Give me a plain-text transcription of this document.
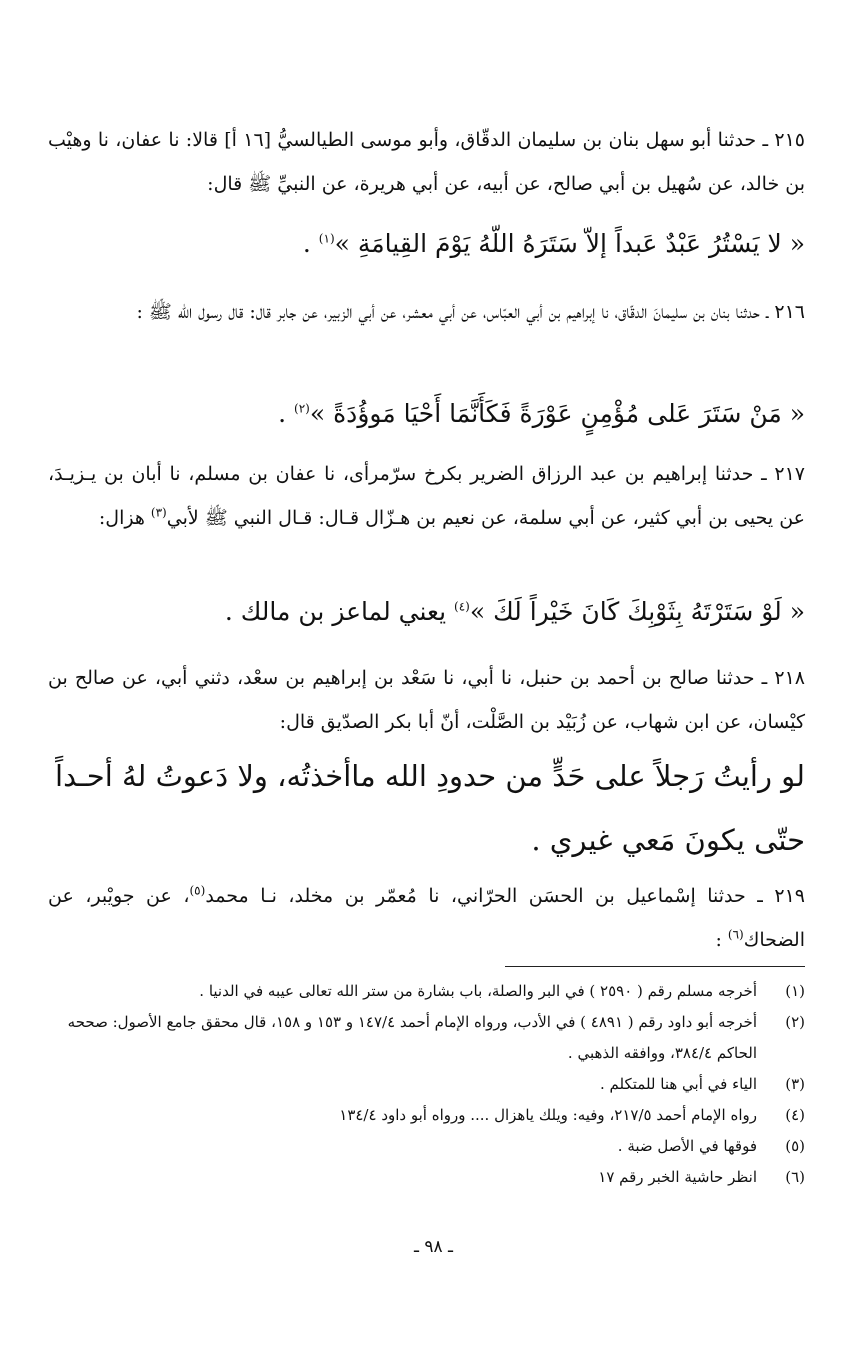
٢١٥ ـ حدثنا أبو سهل بنان بن سليمان الدقّاق، وأبو موسى الطيالسيُّ [١٦ أ] قالا: نا عفان، نا وهيْب بن خالد، عن سُهيل بن أبي صالح، عن أبيه، عن أبي هريرة، عن النبيِّ ﷺ قال:
« لا يَسْتُرُ عَبْدٌ عَبداً إلاّ سَتَرَهُ اللّهُ يَوْمَ القِيامَةِ »$^{(١)}$ .
٢١٦ ـ حدثنا بنان بن سليمانَ الدقّاق، نا إبراهيم بن أبي العبّاس، عن أبي معشر، عن أبي الزبير، عن جابر قال: قال رسول الله ﷺ :
« مَنْ سَتَرَ عَلى مُؤْمِنٍ عَوْرَةً فَكَأَنَّمَا أَحْيَا مَوؤُدَةً »$^{(٢)}$ .
٢١٧ ـ حدثنا إبراهيم بن عبد الرزاق الضرير بكرخ سرّمرأى، نا عفان بن مسلم، نا أبان بن يـزيـدَ، عن يحيى بن أبي كثير، عن أبي سلمة، عن نعيم بن هـزّال قـال: قـال النبي ﷺ لأبي$^{(٣)}$ هزال:
« لَوْ سَتَرْتَهُ بِثَوْبِكَ كَانَ خَيْراً لَكَ »$^{(٤)}$ يعني لماعز بن مالك .
٢١٨ ـ حدثنا صالح بن أحمد بن حنبل، نا أبي، نا سَعْد بن إبراهيم بن سعْد، دثني أبي، عن صالح بن كيْسان، عن ابن شهاب، عن زُبَيْد بن الصَّلْت، أنّ أبا بكر الصدّيق قال:
لو رأيتُ رَجلاً على حَدٍّ من حدودِ الله ماأخذتُه، ولا دَعوتُ لهُ أحـداً حتّى يكونَ مَعي غيري .
٢١٩ ـ حدثنا إسْماعيل بن الحسَن الحرّاني، نا مُعمّر بن مخلد، نـا محمد$^{(٥)}$، عن جويْبر، عن الضحاك$^{(٦)}$ :
(١)
أخرجه مسلم رقم ( ٢٥٩٠ ) في البر والصلة، باب بشارة من ستر الله تعالى عيبه في الدنيا .
(٢)
أخرجه أبو داود رقم ( ٤٨٩١ ) في الأدب، ورواه الإمام أحمد ١٤٧/٤ و ١٥٣ و ١٥٨، قال محقق جامع الأصول: صححه الحاكم ٣٨٤/٤، ووافقه الذهبي .
(٣)
الياء في أبي هنا للمتكلم .
(٤)
رواه الإمام أحمد ٢١٧/٥، وفيه: ويلك ياهزال .... ورواه أبو داود ١٣٤/٤
(٥)
فوقها في الأصل ضبة .
(٦)
انظر حاشية الخبر رقم ١٧
ـ ٩٨ ـ
